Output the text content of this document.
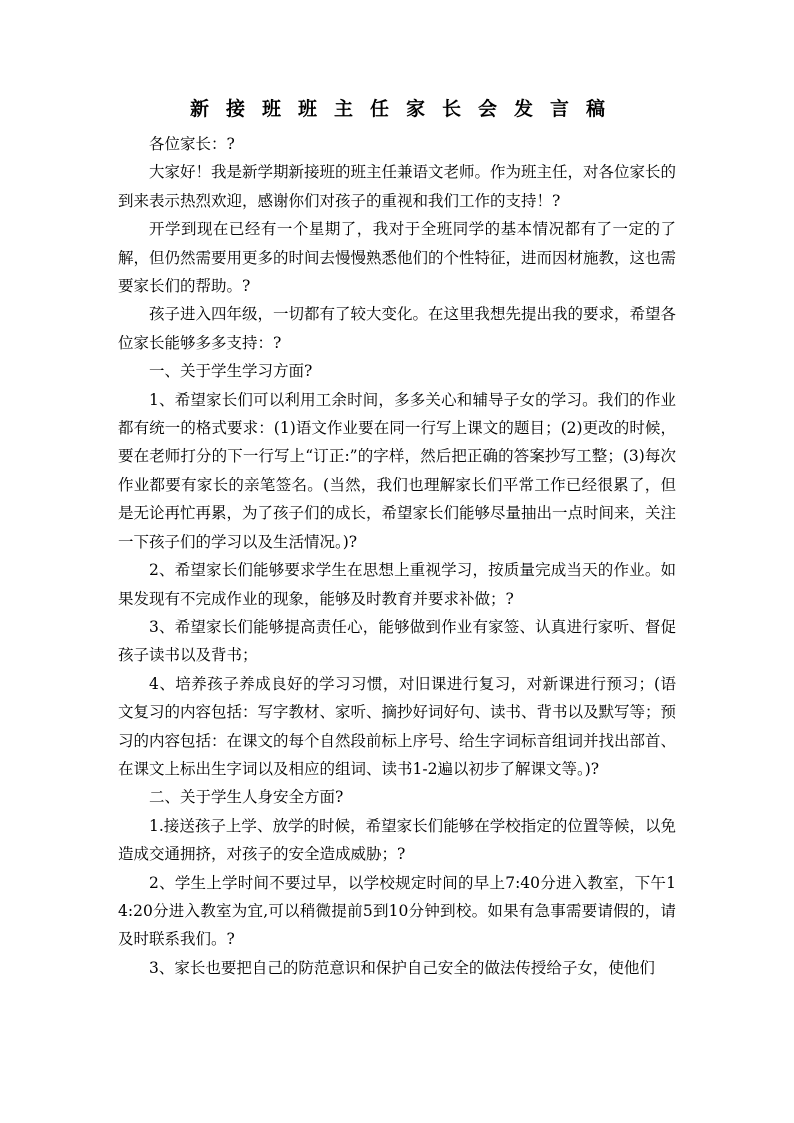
新接班班主任家长会发言稿

各位家长：?

大家好！我是新学期新接班的班主任兼语文老师。作为班主任，对各位家长的到来表示热烈欢迎，感谢你们对孩子的重视和我们工作的支持！?

开学到现在已经有一个星期了，我对于全班同学的基本情况都有了一定的了解，但仍然需要用更多的时间去慢慢熟悉他们的个性特征，进而因材施教，这也需要家长们的帮助。?

孩子进入四年级，一切都有了较大变化。在这里我想先提出我的要求，希望各位家长能够多多支持：?

一、关于学生学习方面?

1、希望家长们可以利用工余时间，多多关心和辅导子女的学习。我们的作业都有统一的格式要求：(1)语文作业要在同一行写上课文的题目；(2)更改的时候，要在老师打分的下一行写上“订正:”的字样，然后把正确的答案抄写工整；(3)每次作业都要有家长的亲笔签名。(当然，我们也理解家长们平常工作已经很累了，但是无论再忙再累，为了孩子们的成长，希望家长们能够尽量抽出一点时间来，关注一下孩子们的学习以及生活情况。)?

2、希望家长们能够要求学生在思想上重视学习，按质量完成当天的作业。如果发现有不完成作业的现象，能够及时教育并要求补做；?

3、希望家长们能够提高责任心，能够做到作业有家签、认真进行家听、督促孩子读书以及背书；

4、培养孩子养成良好的学习习惯，对旧课进行复习，对新课进行预习；(语文复习的内容包括：写字教材、家听、摘抄好词好句、读书、背书以及默写等；预习的内容包括：在课文的每个自然段前标上序号、给生字词标音组词并找出部首、在课文上标出生字词以及相应的组词、读书1-2遍以初步了解课文等。)?

二、关于学生人身安全方面?

1.接送孩子上学、放学的时候，希望家长们能够在学校指定的位置等候，以免造成交通拥挤，对孩子的安全造成威胁；?

2、学生上学时间不要过早，以学校规定时间的早上7:40分进入教室，下午14:20分进入教室为宜,可以稍微提前5到10分钟到校。如果有急事需要请假的，请及时联系我们。?

3、家长也要把自己的防范意识和保护自己安全的做法传授给子女，使他们
